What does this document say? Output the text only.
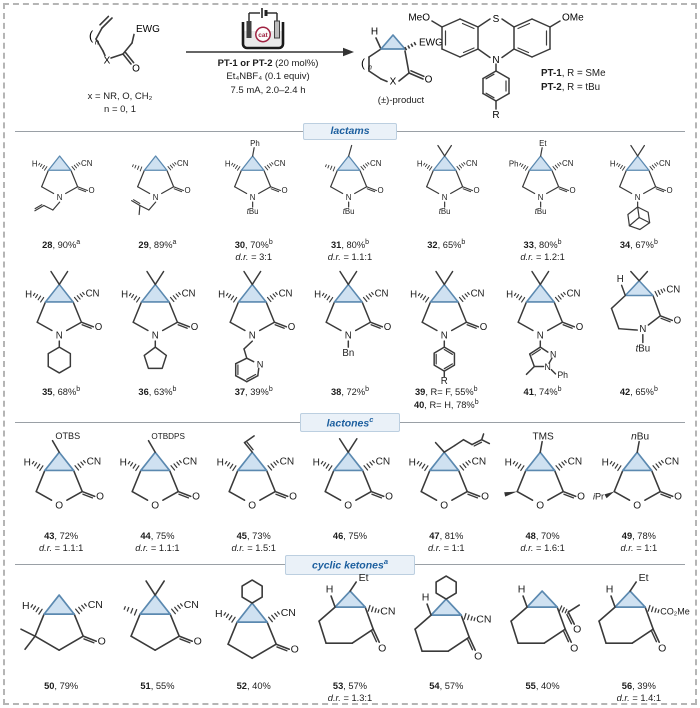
( n
X
O
EWG
x = NR, O, CH₂
n = 0, 1
cat
PT-1 or PT-2 (20 mol%)
Et₄NBF₄ (0.1 equiv)
7.5 mA, 2.0–2.4 h
H
EWG
( n
X	O
(±)-product
S
N
MeO	OMe
R
PT-1, R = SMe
PT-2, R = tBu
lactams
N
O
CN
H
28, 90%$^a$
N
O
CN
29, 89%$^a$
N
O
CN
H
Ph
tBu
30, 70%$^b$
d.r. = 3:1
N
O
CN
tBu
31, 80%$^b$
d.r. = 1.1:1
N
O
CN
H
tBu
32, 65%$^b$
N
O
CN
Ph
Et
tBu
33, 80%$^b$
d.r. = 1.2:1
N
O
CN
H
34, 67%$^b$
N
O
CN
H
35, 68%$^b$
N
O
CN
H
36, 63%$^b$
N
O
CN
H
N
37, 39%$^b$
N
O
CN
H
Bn
38, 72%$^b$
N
O
CN
H
R
39, R= F, 55%$^b$
40, R= H, 78%$^b$
N
O
CN
H
N
N
Ph
41, 74%$^b$
N
O
CN
H
tBu
42, 65%$^b$
lactones$^c$
O
O
CN
H
OTBS
43, 72%
d.r. = 1.1:1
O
O
CN
H
OTBDPS
44, 75%
d.r. = 1.1:1
O
O
CN
H
45, 73%
d.r. = 1.5:1
O
O
CN
H
46, 75%
O
O
CN
H
47, 81%
d.r. = 1:1
O
O
CN
H
TMS
48, 70%
d.r. = 1.6:1
O
O
CN
H
nBu
iPr
49, 78%
d.r. = 1:1
cyclic ketones$^a$
O
CN
H
50, 79%
O
CN
51, 55%
O
CN
H
52, 40%
O
CN
Et
H
53, 57%
d.r. = 1.3:1
O
CN
H
54, 57%
O
O
H
55, 40%
O
CO₂Me
Et
H
56, 39%
d.r. = 1.4:1
